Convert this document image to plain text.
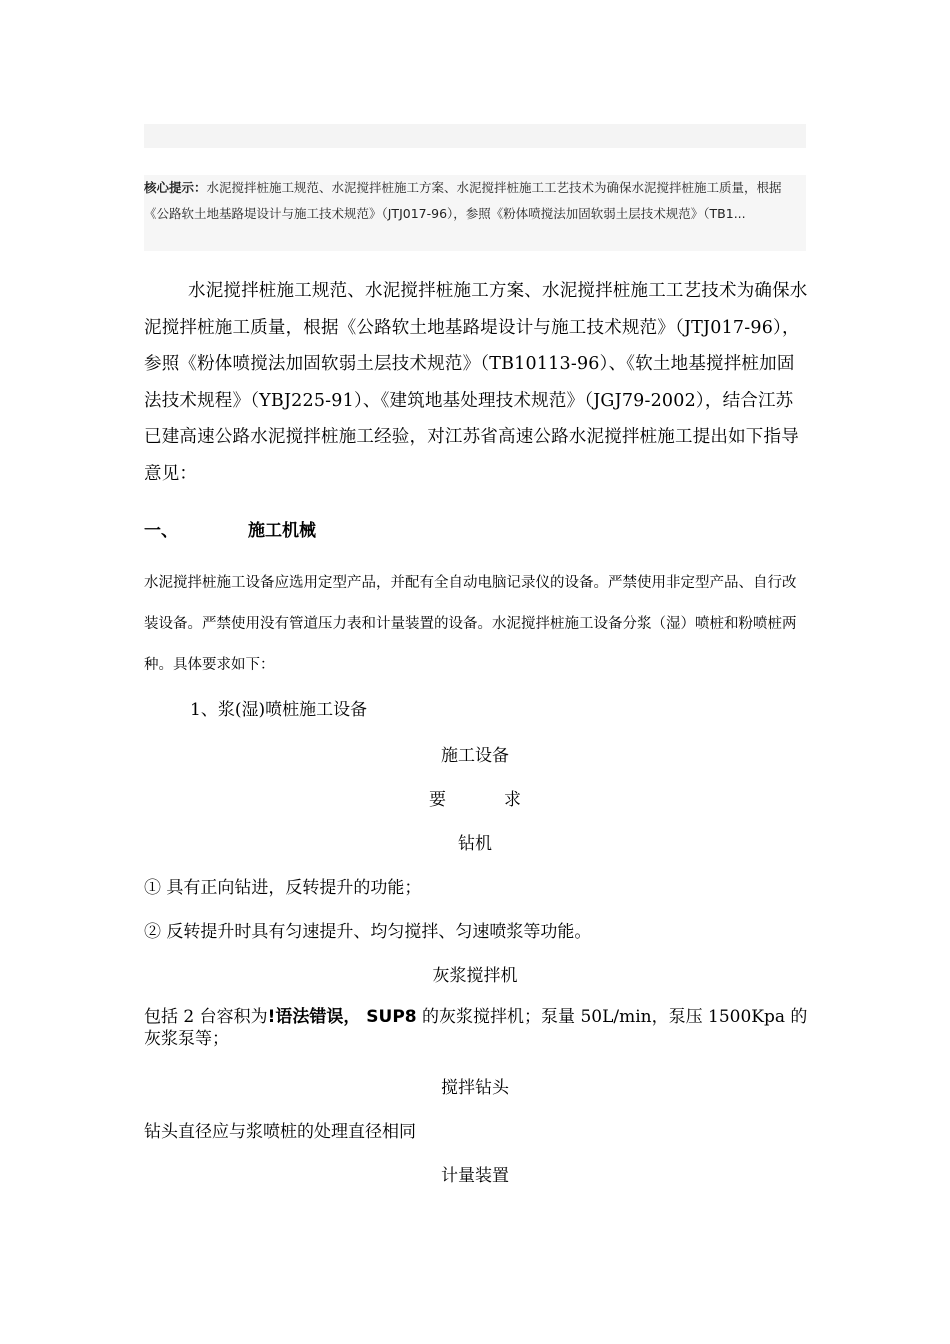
核心提示：水泥搅拌桩施工规范、水泥搅拌桩施工方案、水泥搅拌桩施工工艺技术为确保水泥搅拌桩施工质量，根据《公路软土地基路堤设计与施工技术规范》（JTJ017-96），参照《粉体喷搅法加固软弱土层技术规范》（TB1...

水泥搅拌桩施工规范、水泥搅拌桩施工方案、水泥搅拌桩施工工艺技术为确保水泥搅拌桩施工质量，根据《公路软土地基路堤设计与施工技术规范》（JTJ017-96），参照《粉体喷搅法加固软弱土层技术规范》（TB10113-96）、《软土地基搅拌桩加固法技术规程》（YBJ225-91）、《建筑地基处理技术规范》（JGJ79-2002），结合江苏已建高速公路水泥搅拌桩施工经验，对江苏省高速公路水泥搅拌桩施工提出如下指导意见：

一、	施工机械

水泥搅拌桩施工设备应选用定型产品，并配有全自动电脑记录仪的设备。严禁使用非定型产品、自行改装设备。严禁使用没有管道压力表和计量装置的设备。水泥搅拌桩施工设备分浆（湿）喷桩和粉喷桩两种。具体要求如下：

1、浆(湿)喷桩施工设备
施工设备
要	求
钻机
① 具有正向钻进，反转提升的功能；
② 反转提升时具有匀速提升、均匀搅拌、匀速喷浆等功能。
灰浆搅拌机
包括 2 台容积为!语法错误， SUP8 的灰浆搅拌机；泵量 50L/min，泵压 1500Kpa 的灰浆泵等；
搅拌钻头
钻头直径应与浆喷桩的处理直径相同
计量装置
